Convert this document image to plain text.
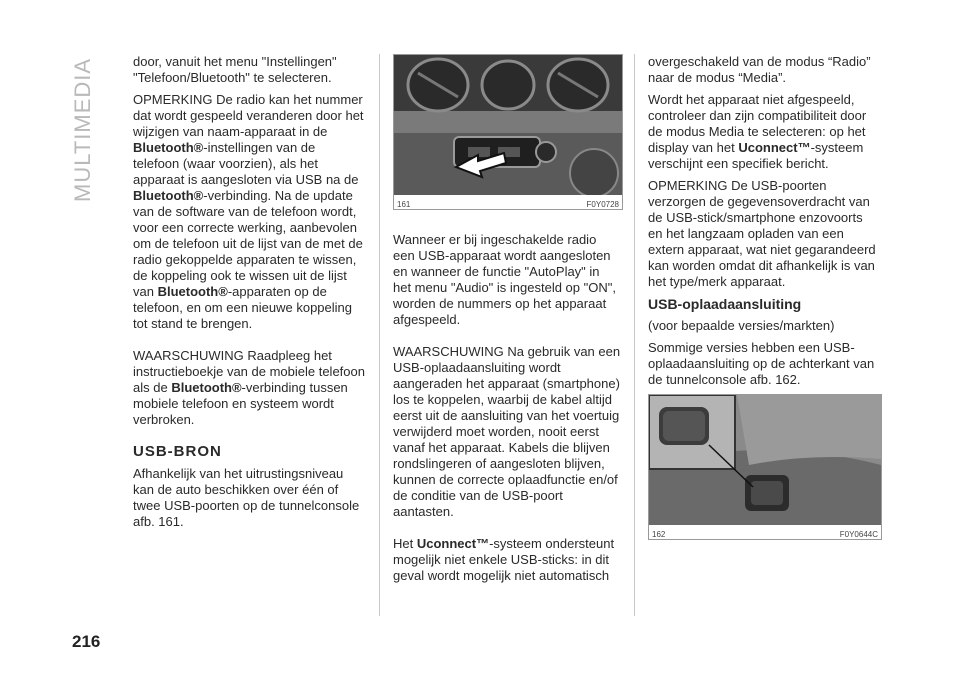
MULTIMEDIA	door, vanuit het menu "Instellingen" "Telefoon/Bluetooth" te selecteren.

OPMERKING De radio kan het nummer dat wordt gespeeld veranderen door het wijzigen van naam-apparaat in de Bluetooth®-instellingen van de telefoon (waar voorzien), als het apparaat is aangesloten via USB na de Bluetooth®-verbinding. Na de update van de software van de telefoon wordt, voor een correcte werking, aanbevolen om de telefoon uit de lijst van de met de radio gekoppelde apparaten te wissen, de koppeling ook te wissen uit de lijst van Bluetooth®-apparaten op de telefoon, en om een nieuwe koppeling tot stand te brengen.

WAARSCHUWING Raadpleeg het instructieboekje van de mobiele telefoon als de Bluetooth®-verbinding tussen mobiele telefoon en systeem wordt verbroken.

USB-BRON

Afhankelijk van het uitrustingsniveau kan de auto beschikken over één of twee USB-poorten op de tunnelconsole afb. 161.

161	F0Y0728

Wanneer er bij ingeschakelde radio een USB-apparaat wordt aangesloten en wanneer de functie "AutoPlay" in het menu "Audio" is ingesteld op "ON", worden de nummers op het apparaat afgespeeld.

WAARSCHUWING Na gebruik van een USB-oplaadaansluiting wordt aangeraden het apparaat (smartphone) los te koppelen, waarbij de kabel altijd eerst uit de aansluiting van het voertuig verwijderd moet worden, nooit eerst vanaf het apparaat. Kabels die blijven rondslingeren of aangesloten blijven, kunnen de correcte oplaadfunctie en/of de conditie van de USB-poort aantasten.

Het Uconnect™-systeem ondersteunt mogelijk niet enkele USB-sticks: in dit geval wordt mogelijk niet automatisch

overgeschakeld van de modus “Radio” naar de modus “Media”.

Wordt het apparaat niet afgespeeld, controleer dan zijn compatibiliteit door de modus Media te selecteren: op het display van het Uconnect™-systeem verschijnt een specifiek bericht.

OPMERKING De USB-poorten verzorgen de gegevensoverdracht van de USB-stick/smartphone enzovoorts en het langzaam opladen van een extern apparaat, wat niet gegarandeerd kan worden omdat dit afhankelijk is van het type/merk apparaat.

USB-oplaadaansluiting

(voor bepaalde versies/markten)

Sommige versies hebben een USB-oplaadaansluiting op de achterkant van de tunnelconsole afb. 162.

162	F0Y0644C
216
